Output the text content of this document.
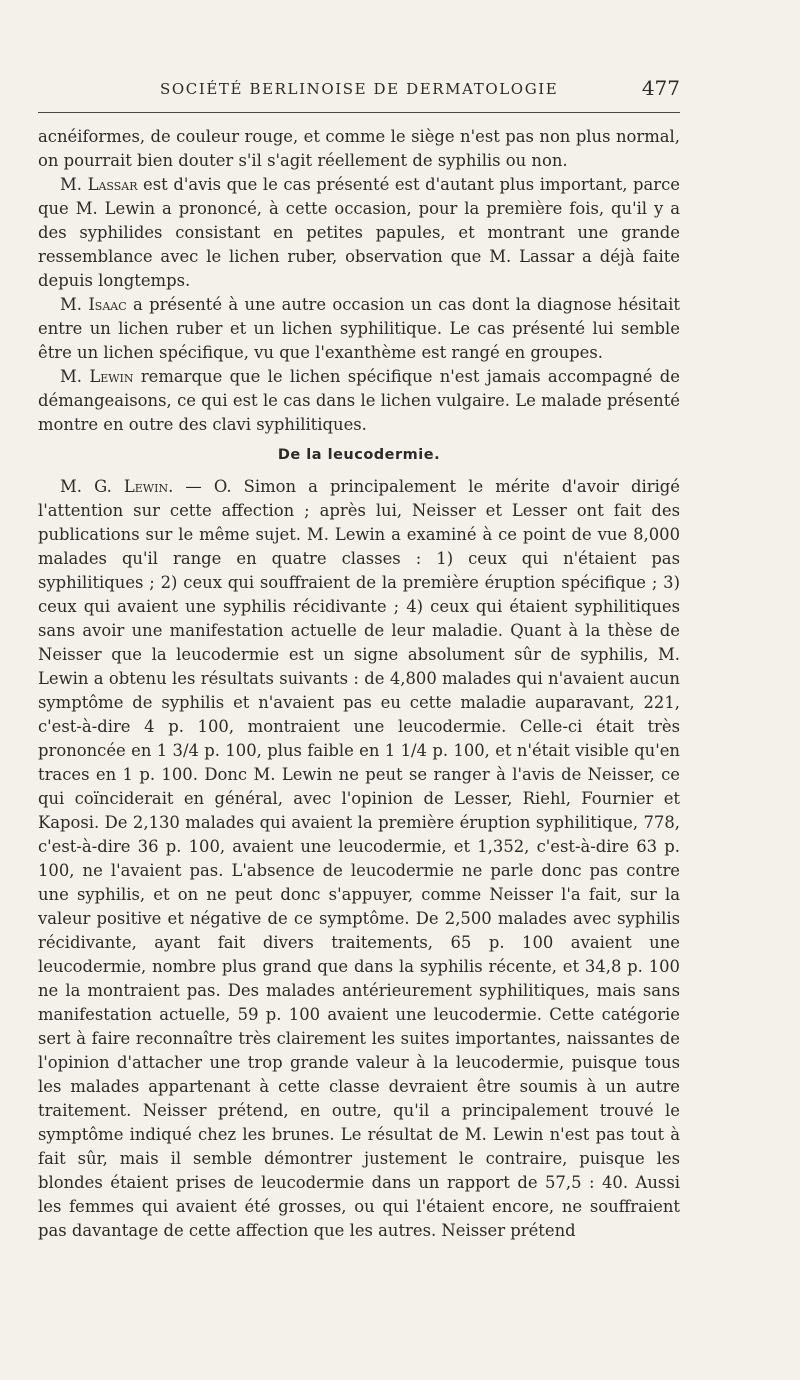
SOCIÉTÉ BERLINOISE DE DERMATOLOGIE	477

acnéiformes, de couleur rouge, et comme le siège n'est pas non plus normal, on pourrait bien douter s'il s'agit réellement de syphilis ou non.

M. Lassar est d'avis que le cas présenté est d'autant plus important, parce que M. Lewin a prononcé, à cette occasion, pour la première fois, qu'il y a des syphilides consistant en petites papules, et montrant une grande ressemblance avec le lichen ruber, observation que M. Lassar a déjà faite depuis longtemps.

M. Isaac a présenté à une autre occasion un cas dont la diagnose hésitait entre un lichen ruber et un lichen syphilitique. Le cas présenté lui semble être un lichen spécifique, vu que l'exanthème est rangé en groupes.

M. Lewin remarque que le lichen spécifique n'est jamais accompagné de démangeaisons, ce qui est le cas dans le lichen vulgaire. Le malade présenté montre en outre des clavi syphilitiques.

De la leucodermie.

M. G. Lewin. — O. Simon a principalement le mérite d'avoir dirigé l'attention sur cette affection ; après lui, Neisser et Lesser ont fait des publications sur le même sujet. M. Lewin a examiné à ce point de vue 8,000 malades qu'il range en quatre classes : 1) ceux qui n'étaient pas syphilitiques ; 2) ceux qui souffraient de la première éruption spécifique ; 3) ceux qui avaient une syphilis récidivante ; 4) ceux qui étaient syphilitiques sans avoir une manifestation actuelle de leur maladie. Quant à la thèse de Neisser que la leucodermie est un signe absolument sûr de syphilis, M. Lewin a obtenu les résultats suivants : de 4,800 malades qui n'avaient aucun symptôme de syphilis et n'avaient pas eu cette maladie auparavant, 221, c'est-à-dire 4 p. 100, montraient une leucodermie. Celle-ci était très prononcée en 1 3/4 p. 100, plus faible en 1 1/4 p. 100, et n'était visible qu'en traces en 1 p. 100. Donc M. Lewin ne peut se ranger à l'avis de Neisser, ce qui coïnciderait en général, avec l'opinion de Lesser, Riehl, Fournier et Kaposi. De 2,130 malades qui avaient la première éruption syphilitique, 778, c'est-à-dire 36 p. 100, avaient une leucodermie, et 1,352, c'est-à-dire 63 p. 100, ne l'avaient pas. L'absence de leucodermie ne parle donc pas contre une syphilis, et on ne peut donc s'appuyer, comme Neisser l'a fait, sur la valeur positive et négative de ce symptôme. De 2,500 malades avec syphilis récidivante, ayant fait divers traitements, 65 p. 100 avaient une leucodermie, nombre plus grand que dans la syphilis récente, et 34,8 p. 100 ne la montraient pas. Des malades antérieurement syphilitiques, mais sans manifestation actuelle, 59 p. 100 avaient une leucodermie. Cette catégorie sert à faire reconnaître très clairement les suites importantes, naissantes de l'opinion d'attacher une trop grande valeur à la leucodermie, puisque tous les malades appartenant à cette classe devraient être soumis à un autre traitement. Neisser prétend, en outre, qu'il a principalement trouvé le symptôme indiqué chez les brunes. Le résultat de M. Lewin n'est pas tout à fait sûr, mais il semble démontrer justement le contraire, puisque les blondes étaient prises de leucodermie dans un rapport de 57,5 : 40. Aussi les femmes qui avaient été grosses, ou qui l'étaient encore, ne souffraient pas davantage de cette affection que les autres. Neisser prétend
